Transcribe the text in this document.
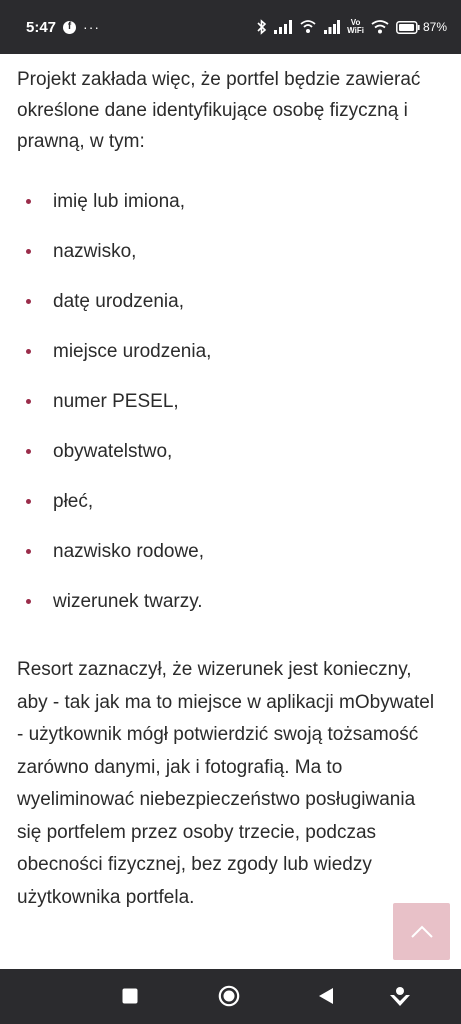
5:47	f ···	Vo
WiFi	87%

Projekt zakłada więc, że portfel będzie zawierać określone dane identyfikujące osobę fizyczną i prawną, w tym:

imię lub imiona,
nazwisko,
datę urodzenia,
miejsce urodzenia,
numer PESEL,
obywatelstwo,
płeć,
nazwisko rodowe,
wizerunek twarzy.

Resort zaznaczył, że wizerunek jest konieczny, aby - tak jak ma to miejsce w aplikacji mObywatel - użytkownik mógł potwierdzić swoją tożsamość zarówno danymi, jak i fotografią. Ma to wyeliminować niebezpieczeństwo posługiwania się portfelem przez osoby trzecie, podczas obecności fizycznej, bez zgody lub wiedzy użytkownika portfela.
